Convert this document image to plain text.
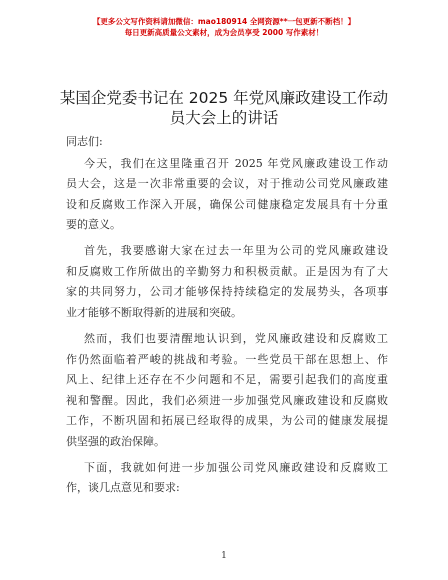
【更多公文写作资料请加微信：mao180914 全网资源**一包更新不断档！】
每日更新高质量公文素材，成为会员享受 2000 写作素材！
某国企党委书记在 2025 年党风廉政建设工作动
员大会上的讲话
同志们:
今天，我们在这里隆重召开 2025 年党风廉政建设工作动
员大会，这是一次非常重要的会议，对于推动公司党风廉政建
设和反腐败工作深入开展，确保公司健康稳定发展具有十分重
要的意义。
首先，我要感谢大家在过去一年里为公司的党风廉政建设
和反腐败工作所做出的辛勤努力和积极贡献。正是因为有了大
家的共同努力，公司才能够保持持续稳定的发展势头，各项事
业才能够不断取得新的进展和突破。
然而，我们也要清醒地认识到，党风廉政建设和反腐败工
作仍然面临着严峻的挑战和考验。一些党员干部在思想上、作
风上、纪律上还存在不少问题和不足，需要引起我们的高度重
视和警醒。因此，我们必须进一步加强党风廉政建设和反腐败
工作，不断巩固和拓展已经取得的成果，为公司的健康发展提
供坚强的政治保障。
下面，我就如何进一步加强公司党风廉政建设和反腐败工
作，谈几点意见和要求:
1
